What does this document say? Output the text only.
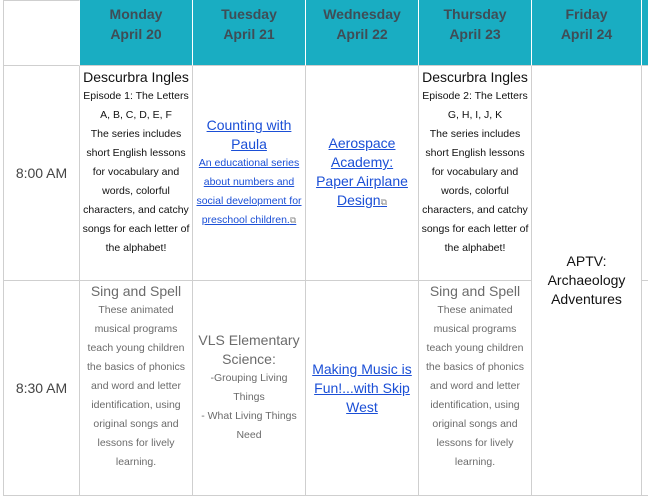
Monday
April 20
Tuesday
April 21
Wednesday
April 22
Thursday
April 23
Friday
April 24
8:00 AM
Descurbra Ingles
Episode 1: The Letters
A, B, C, D, E, F
The series includes
short English lessons
for vocabulary and
words, colorful
characters, and catchy
songs for each letter of
the alphabet!
Counting with
Paula
An educational series
about numbers and
social development for
preschool children.⧉
Aerospace
Academy:
Paper Airplane
Design⧉
Descurbra Ingles
Episode 2: The Letters
G, H, I, J, K
The series includes
short English lessons
for vocabulary and
words, colorful
characters, and catchy
songs for each letter of
the alphabet!
APTV:
Archaeology
Adventures
8:30 AM
Sing and Spell
These animated
musical programs
teach young children
the basics of phonics
and word and letter
identification, using
original songs and
lessons for lively
learning.
VLS Elementary
Science:
-Grouping Living
Things
- What Living Things
Need
Making Music is
Fun!...with Skip
West
Sing and Spell
These animated
musical programs
teach young children
the basics of phonics
and word and letter
identification, using
original songs and
lessons for lively
learning.
